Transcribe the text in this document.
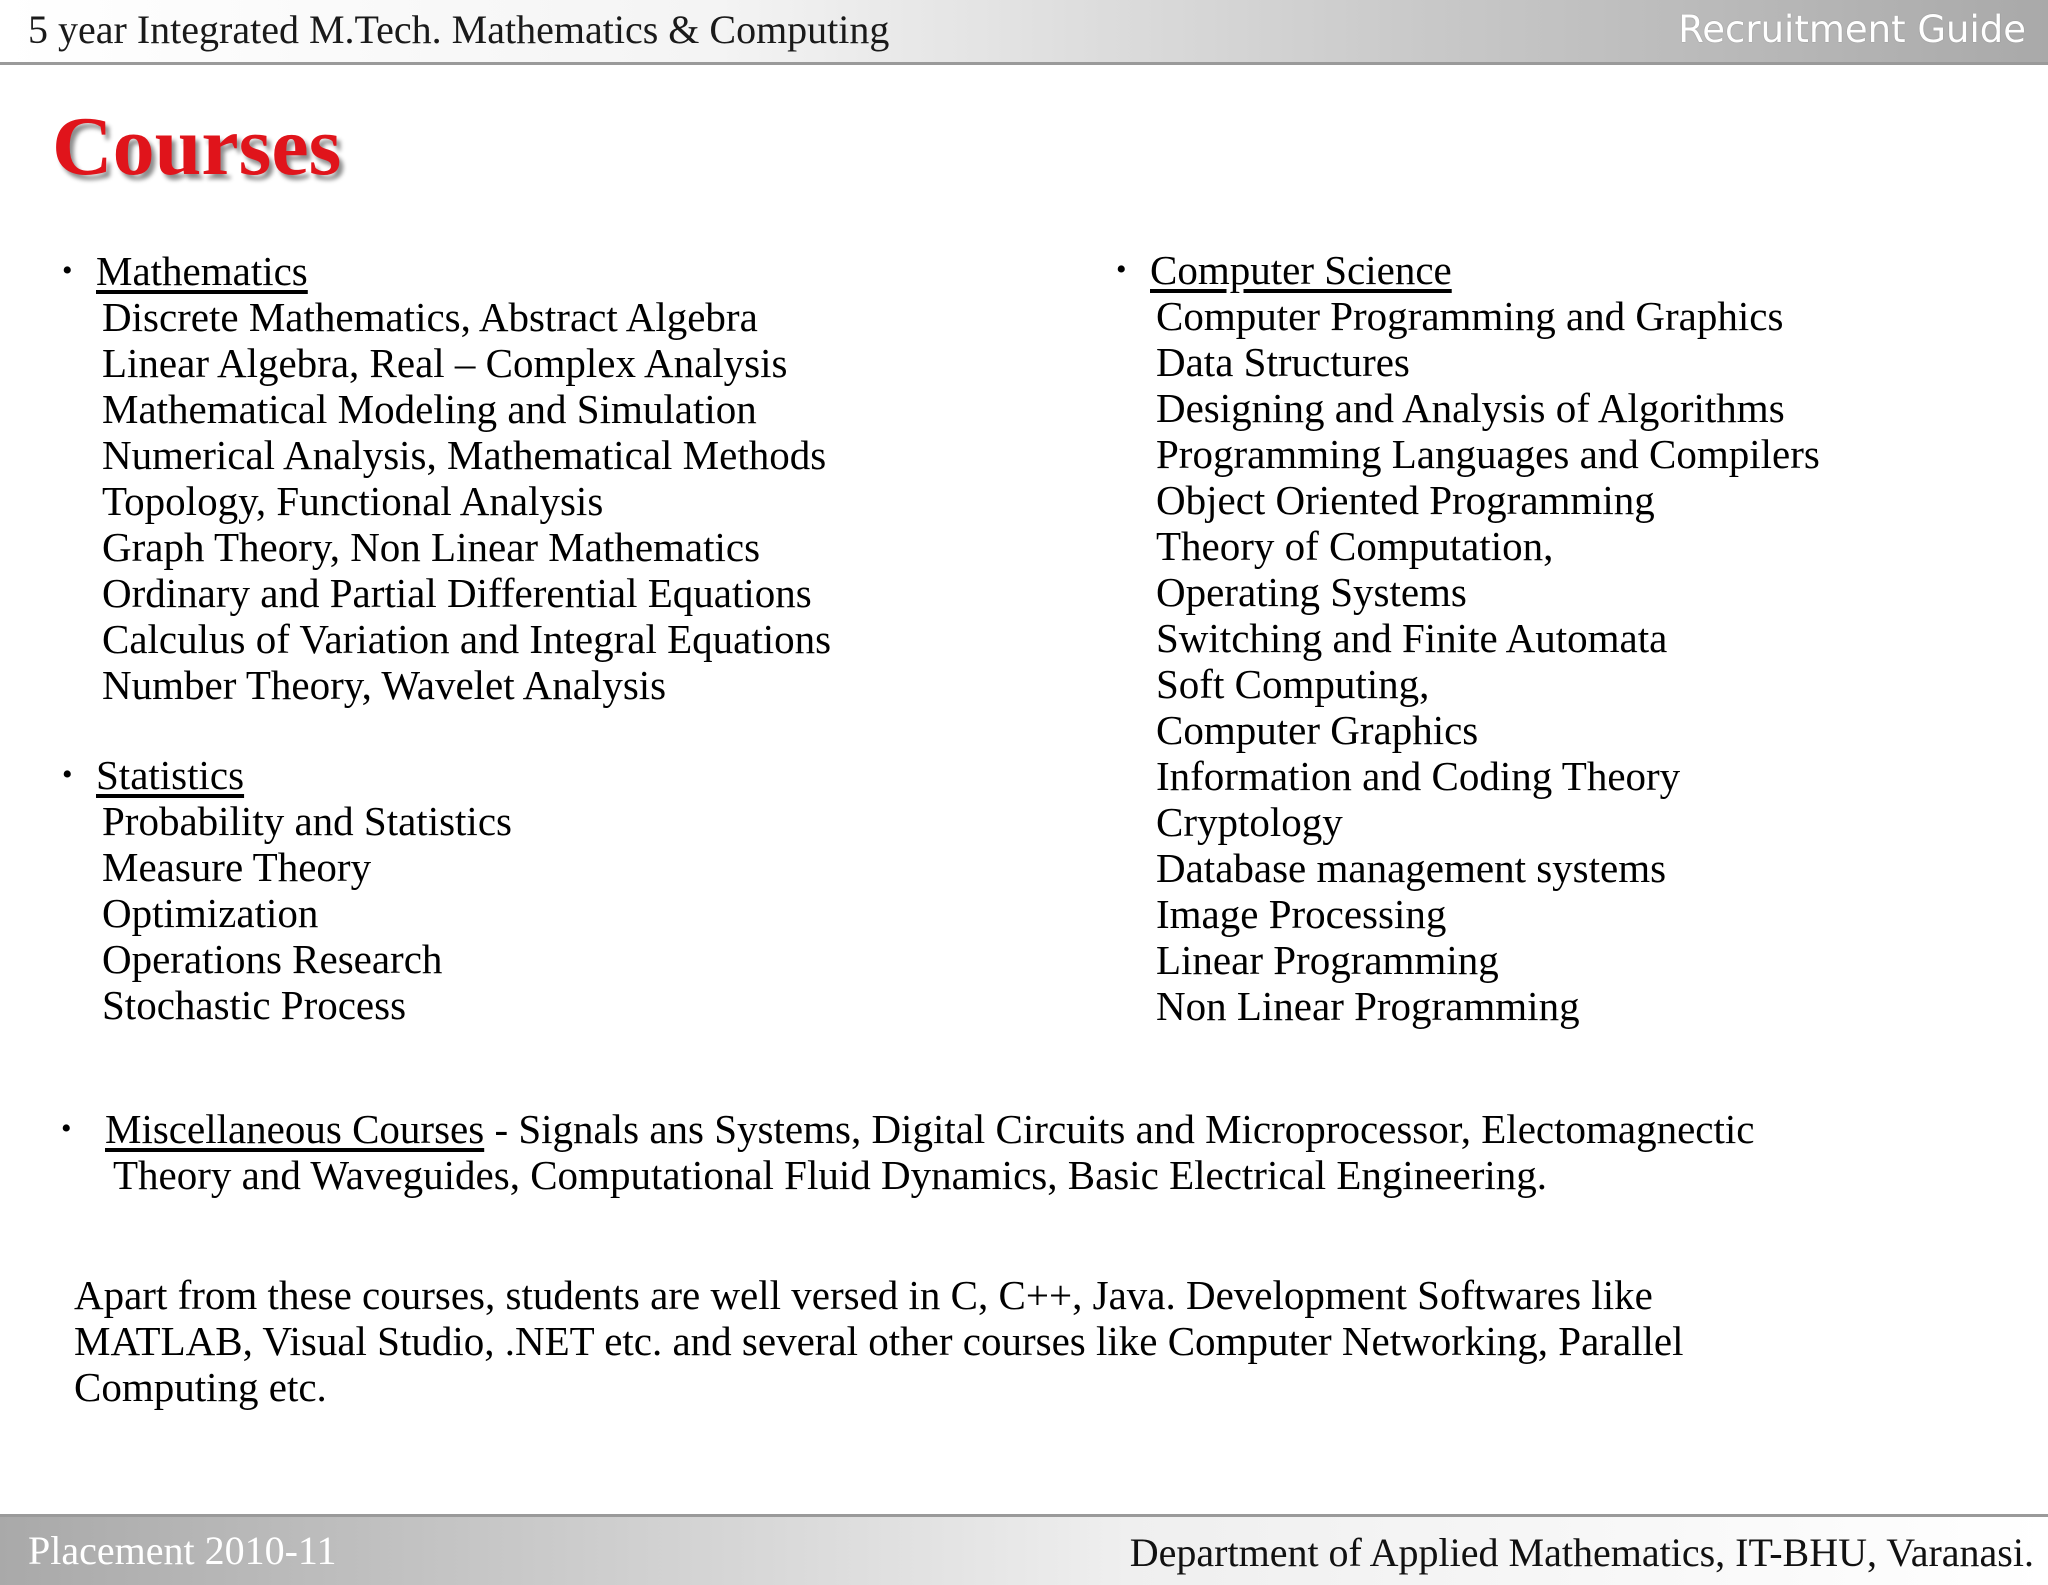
5 year Integrated M.Tech. Mathematics & Computing	Recruitment Guide
Courses
• Mathematics
Discrete Mathematics, Abstract Algebra
Linear Algebra, Real – Complex Analysis
Mathematical Modeling and Simulation
Numerical Analysis, Mathematical Methods
Topology, Functional Analysis
Graph Theory, Non Linear Mathematics
Ordinary and Partial Differential Equations
Calculus of Variation and Integral Equations
Number Theory, Wavelet Analysis
• Statistics
Probability and Statistics
Measure Theory
Optimization
Operations Research
Stochastic Process
• Computer Science
Computer Programming and Graphics
Data Structures
Designing and Analysis of Algorithms
Programming Languages and Compilers
Object Oriented Programming
Theory of Computation,
Operating Systems
Switching and Finite Automata
Soft Computing,
Computer Graphics
Information and Coding Theory
Cryptology
Database management systems
Image Processing
Linear Programming
Non Linear Programming
• Miscellaneous Courses - Signals ans Systems, Digital Circuits and Microprocessor, Electomagnectic
Theory and Waveguides, Computational Fluid Dynamics, Basic Electrical Engineering.
Apart from these courses, students are well versed in C, C++, Java. Development Softwares like
MATLAB, Visual Studio, .NET etc. and several other courses like Computer Networking, Parallel
Computing etc.
Placement 2010-11	Department of Applied Mathematics, IT-BHU, Varanasi.
